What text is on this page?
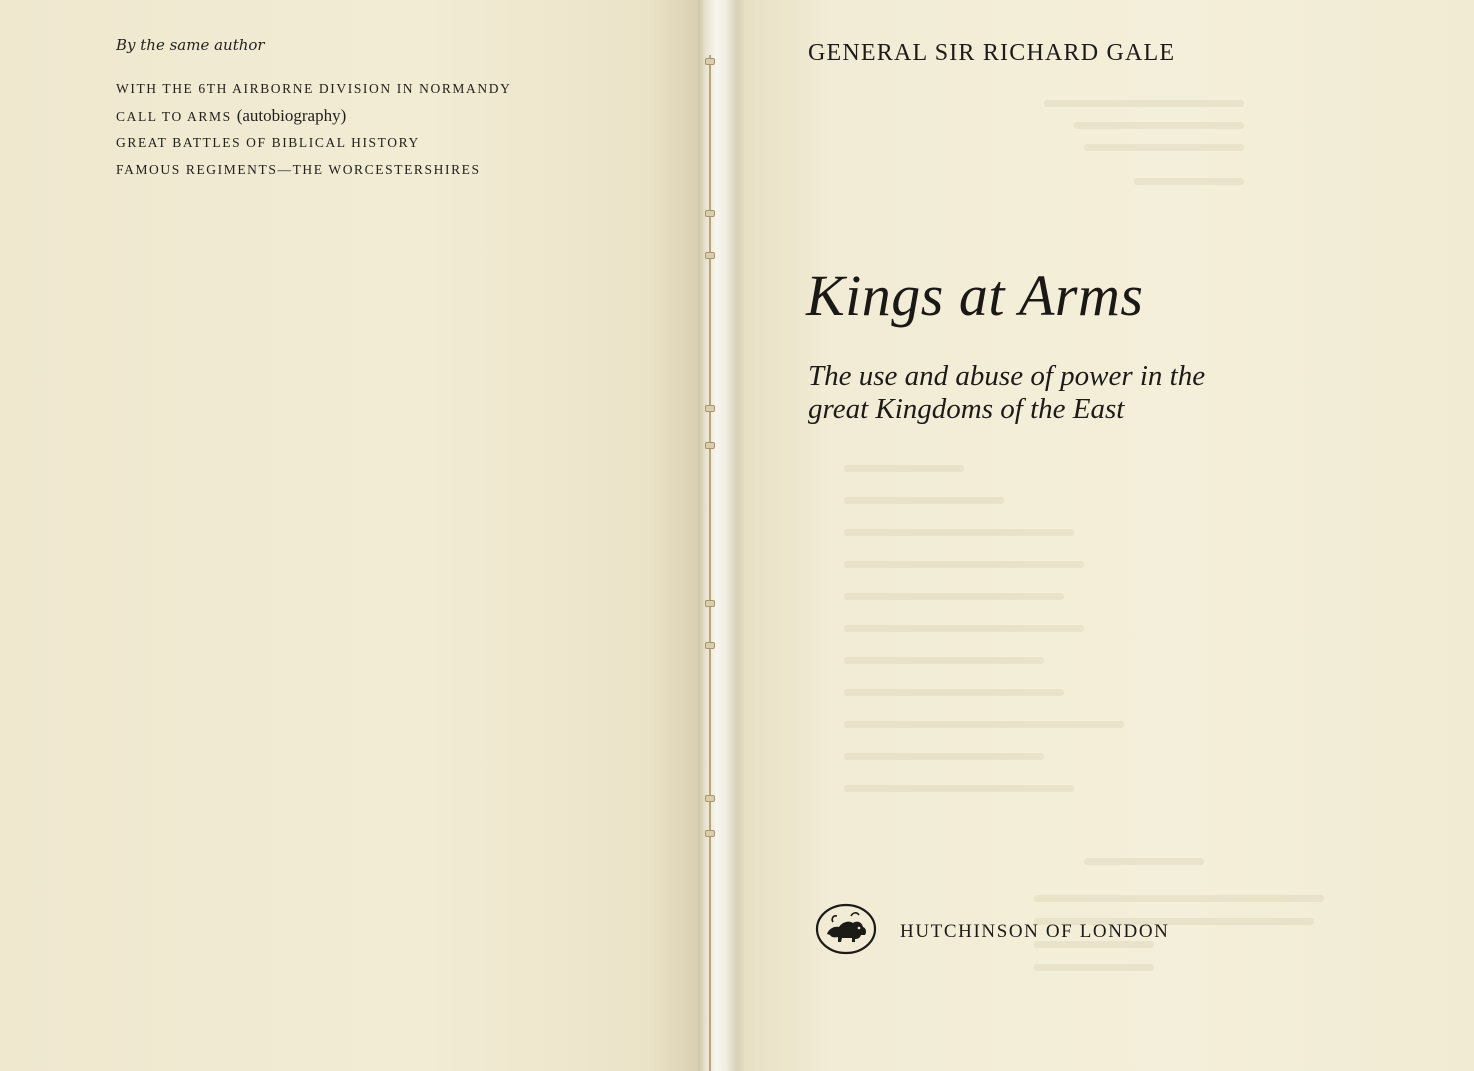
By the same author

WITH THE 6TH AIRBORNE DIVISION IN NORMANDY
CALL TO ARMS (autobiography)
GREAT BATTLES OF BIBLICAL HISTORY
FAMOUS REGIMENTS—THE WORCESTERSHIRES
GENERAL SIR RICHARD GALE
Kings at Arms

The use and abuse of power in the
great Kingdoms of the East

HUTCHINSON OF LONDON
